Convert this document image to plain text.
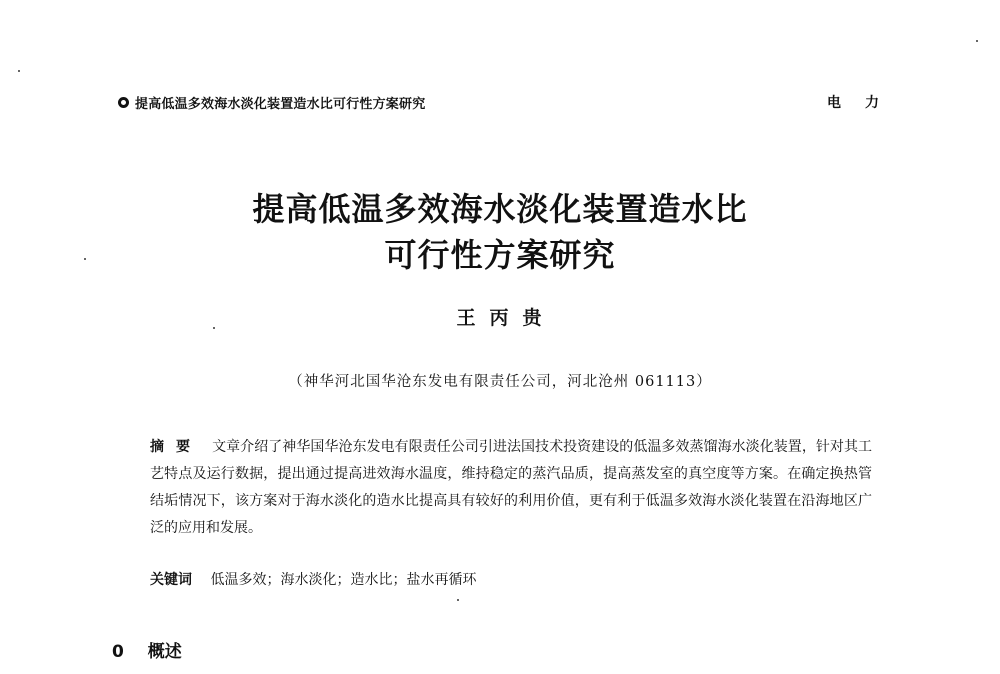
提高低温多效海水淡化装置造水比可行性方案研究	电力
提高低温多效海水淡化装置造水比
可行性方案研究
王丙贵
（神华河北国华沧东发电有限责任公司，河北沧州 061113）
摘要 文章介绍了神华国华沧东发电有限责任公司引进法国技术投资建设的低温多效蒸馏海水淡化装置，针对其工艺特点及运行数据，提出通过提高进效海水温度，维持稳定的蒸汽品质，提高蒸发室的真空度等方案。在确定换热管结垢情况下，该方案对于海水淡化的造水比提高具有较好的利用价值，更有利于低温多效海水淡化装置在沿海地区广泛的应用和发展。
关键词 低温多效；海水淡化；造水比；盐水再循环
0 概述
